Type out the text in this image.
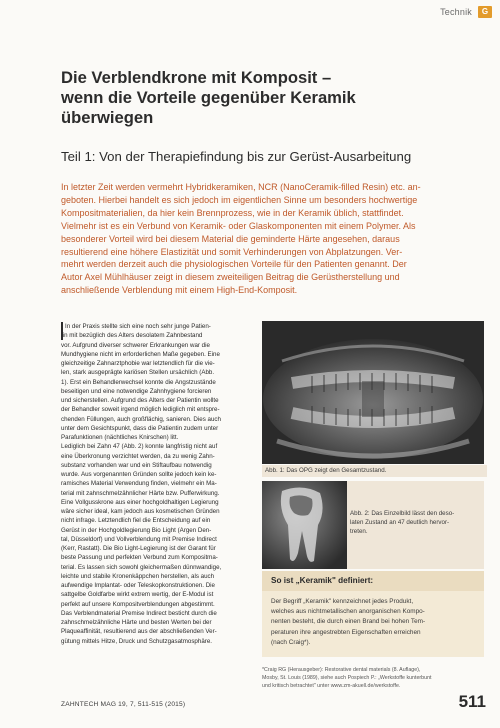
Technik	G
Die Verblendkrone mit Komposit –
wenn die Vorteile gegenüber Keramik
überwiegen
Teil 1: Von der Therapiefindung bis zur Gerüst-Ausarbeitung
In letzter Zeit werden vermehrt Hybridkeramiken, NCR (NanoCeramik-filled Resin) etc. an-
geboten. Hierbei handelt es sich jedoch im eigentlichen Sinne um besonders hochwertige
Kompositmaterialien, da hier kein Brennprozess, wie in der Keramik üblich, stattfindet.
Vielmehr ist es ein Verbund von Keramik- oder Glaskomponenten mit einem Polymer. Als
besonderer Vorteil wird bei diesem Material die geminderte Härte angesehen, daraus
resultierend eine höhere Elastizität und somit Verhinderungen von Abplatzungen. Ver-
mehrt werden derzeit auch die physiologischen Vorteile für den Patienten genannt. Der
Autor Axel Mühlhäuser zeigt in diesem zweiteiligen Beitrag die Gerüstherstellung und
anschließende Verblendung mit einem High-End-Komposit.
In der Praxis stellte sich eine noch sehr junge Patien-
tin mit bezüglich des Alters desolatem Zahnbestand
vor. Aufgrund diverser schwerer Erkrankungen war die
Mundhygiene nicht im erforderlichen Maße gegeben. Eine
gleichzeitige Zahnarztphobie war letztendlich für die vie-
len, stark ausgeprägte kariösen Stellen ursächlich (Abb.
1). Erst ein Behandlerwechsel konnte die Angstzustände
beseitigen und eine notwendige Zahnhygiene forcieren
und sicherstellen. Aufgrund des Alters der Patientin wollte
der Behandler soweit irgend möglich lediglich mit entspre-
chenden Füllungen, auch großflächig, sanieren. Dies auch
unter dem Gesichtspunkt, dass die Patientin zudem unter
Parafunktionen (nächtliches Knirschen) litt.
Lediglich bei Zahn 47 (Abb. 2) konnte langfristig nicht auf
eine Überkronung verzichtet werden, da zu wenig Zahn-
substanz vorhanden war und ein Stiftaufbau notwendig
wurde. Aus vorgenannten Gründen sollte jedoch kein ke-
ramisches Material Verwendung finden, vielmehr ein Ma-
terial mit zahnschmelzähnlicher Härte bzw. Pufferwirkung.
Eine Vollgusskrone aus einer hochgoldhaltigen Legierung
wäre sicher ideal, kam jedoch aus kosmetischen Gründen
nicht infrage. Letztendlich fiel die Entscheidung auf ein
Gerüst in der Hochgoldlegierung Bio Light (Argen Den-
tal, Düsseldorf) und Vollverblendung mit Premise Indirect
(Kerr, Rastatt). Die Bio Light-Legierung ist der Garant für
beste Passung und perfekten Verbund zum Kompositma-
terial. Es lassen sich sowohl gleichermaßen dünnwandige,
leichte und stabile Kronenkäppchen herstellen, als auch
aufwendige Implantat- oder Teleskopkonstruktionen. Die
sattgelbe Goldfarbe wirkt extrem wertig, der E-Modul ist
perfekt auf unsere Kompositverblendungen abgestimmt.
Das Verblendmaterial Premise Indirect besticht durch die
zahnschmelzähnliche Härte und besten Werten bei der
Plaqueaffinität, resultierend aus der abschließenden Ver-
gütung mittels Hitze, Druck und Schutzgasatmosphäre.
Abb. 1: Das OPG zeigt den Gesamtzustand.
Abb. 2: Das Einzelbild lässt den deso-
laten Zustand an 47 deutlich hervor-
treten.
So ist „Keramik" definiert:
Der Begriff „Keramik" kennzeichnet jedes Produkt,
welches aus nichtmetallischen anorganischen Kompo-
nenten besteht, die durch einen Brand bei hohen Tem-
peraturen ihre angestrebten Eigenschaften erreichen
(nach Craig*).
*Craig RG (Herausgeber): Restorative dental materials (8. Auflage),
Mosby, St. Louis (1989), siehe auch Pospiech P.: „Werkstoffe kunterbunt
und kritisch betrachtet" unter www.zm-akuell.de/werkstoffe.
ZAHNTECH MAG 19, 7, 511-515 (2015)	511
